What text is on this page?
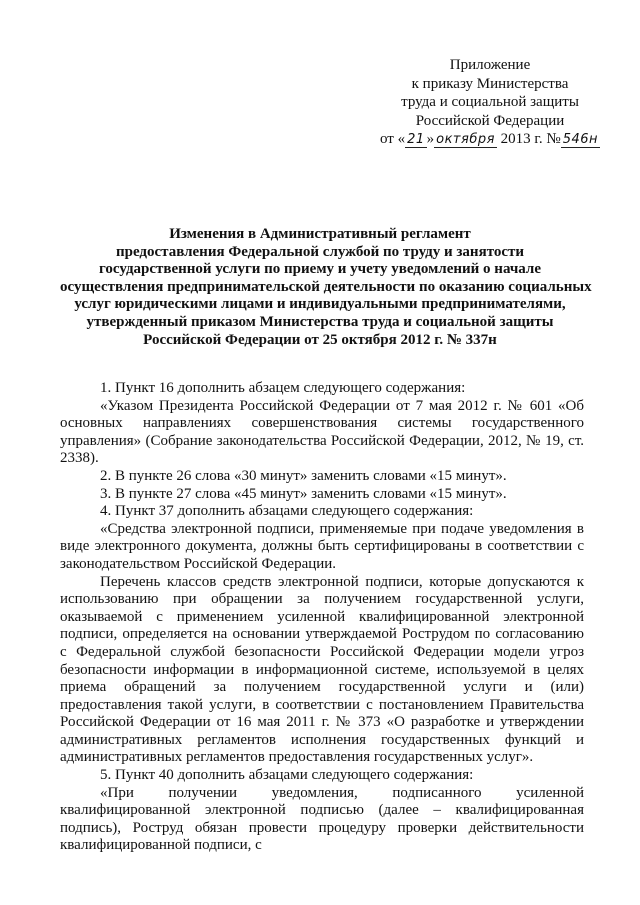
Приложение
к приказу Министерства
труда и социальной защиты
Российской Федерации
от « 21 » октября 2013 г. № 546н
Изменения в Административный регламент
предоставления Федеральной службой по труду и занятости
государственной услуги по приему и учету уведомлений о начале
осуществления предпринимательской деятельности по оказанию социальных
услуг юридическими лицами и индивидуальными предпринимателями,
утвержденный приказом Министерства труда и социальной защиты
Российской Федерации от 25 октября 2012 г. № 337н

1. Пункт 16 дополнить абзацем следующего содержания:

«Указом Президента Российской Федерации от 7 мая 2012 г. № 601 «Об основных направлениях совершенствования системы государственного управления» (Собрание законодательства Российской Федерации, 2012, № 19, ст. 2338).

2. В пункте 26 слова «30 минут» заменить словами «15 минут».

3. В пункте 27 слова «45 минут» заменить словами «15 минут».

4. Пункт 37 дополнить абзацами следующего содержания:

«Средства электронной подписи, применяемые при подаче уведомления в виде электронного документа, должны быть сертифицированы в соответствии с законодательством Российской Федерации.

Перечень классов средств электронной подписи, которые допускаются к использованию при обращении за получением государственной услуги, оказываемой с применением усиленной квалифицированной электронной подписи, определяется на основании утверждаемой Рострудом по согласованию с Федеральной службой безопасности Российской Федерации модели угроз безопасности информации в информационной системе, используемой в целях приема обращений за получением государственной услуги и (или) предоставления такой услуги, в соответствии с постановлением Правительства Российской Федерации от 16 мая 2011 г. № 373 «О разработке и утверждении административных регламентов исполнения государственных функций и административных регламентов предоставления государственных услуг».

5. Пункт 40 дополнить абзацами следующего содержания:

«При получении уведомления, подписанного усиленной квалифицированной электронной подписью (далее – квалифицированная подпись), Роструд обязан провести процедуру проверки действительности квалифицированной подписи, с
